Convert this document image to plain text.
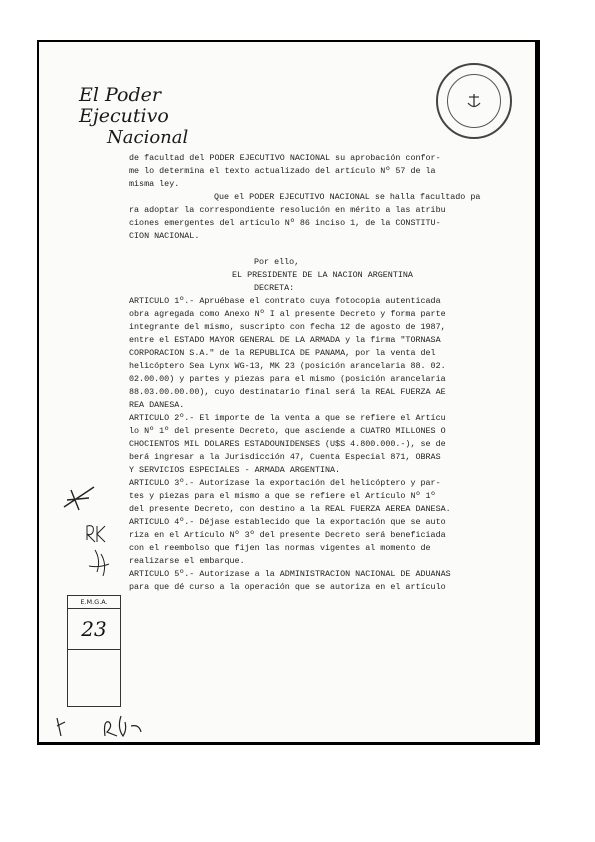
El Poder Ejecutivo
Nacional
de facultad del PODER EJECUTIVO NACIONAL su aprobación confor-
me lo determina el texto actualizado del artículo Nº 57 de la
misma ley.
Que el PODER EJECUTIVO NACIONAL se halla facultado pa
ra adoptar la correspondiente resolución en mérito a las atribu
ciones emergentes del artículo Nº 86 inciso 1, de la CONSTITU-
CION NACIONAL.
Por ello,
EL PRESIDENTE DE LA NACION ARGENTINA
DECRETA:
ARTICULO 1º.- Apruébase el contrato cuya fotocopia autenticada
obra agregada como Anexo Nº I al presente Decreto y forma parte
integrante del mismo, suscripto con fecha 12 de agosto de 1987,
entre el ESTADO MAYOR GENERAL DE LA ARMADA y la firma "TORNASA
CORPORACION S.A." de la REPUBLICA DE PANAMA, por la venta del
helicóptero Sea Lynx WG-13, MK 23 (posición arancelaria 88. 02.
02.00.00) y partes y piezas para el mismo (posición arancelaria
88.03.00.00.00), cuyo destinatario final será la REAL FUERZA AE
REA DANESA.
ARTICULO 2º.- El importe de la venta a que se refiere el Artícu
lo Nº 1º del presente Decreto, que asciende a CUATRO MILLONES O
CHOCIENTOS MIL DOLARES ESTADOUNIDENSES (U$S 4.800.000.-), se de
berá ingresar a la Jurisdicción 47, Cuenta Especial 871, OBRAS
Y SERVICIOS ESPECIALES - ARMADA ARGENTINA.
ARTICULO 3º.- Autorízase la exportación del helicóptero y par-
tes y piezas para el mismo a que se refiere el Artículo Nº 1º
del presente Decreto, con destino a la REAL FUERZA AEREA DANESA.
ARTICULO 4º.- Déjase establecido que la exportación que se auto
riza en el Artículo Nº 3º del presente Decreto será beneficiada
con el reembolso que fijen las normas vigentes al momento de
realizarse el embarque.
ARTICULO 5º.- Autorízase a la ADMINISTRACION NACIONAL DE ADUANAS
para que dé curso a la operación que se autoriza en el artículo
E.M.G.A.
23
